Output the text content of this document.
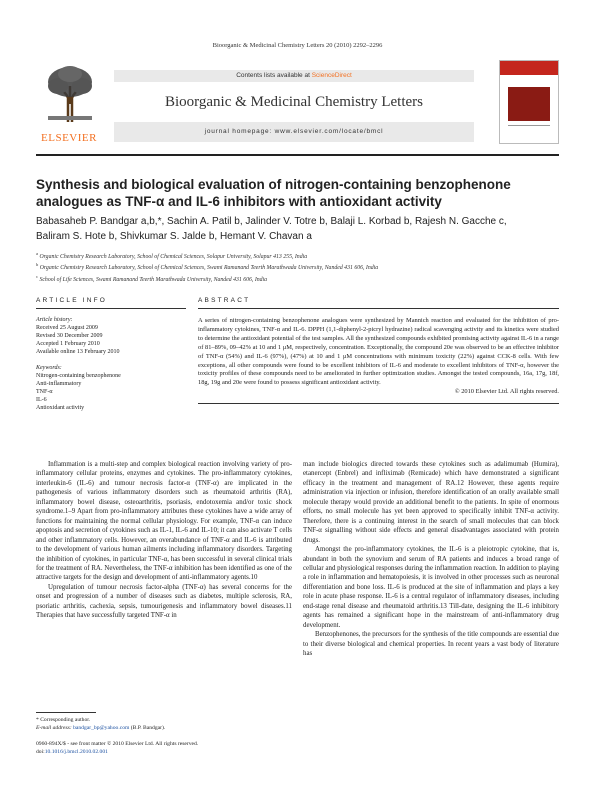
Bioorganic & Medicinal Chemistry Letters 20 (2010) 2292–2296
ELSEVIER
Contents lists available at ScienceDirect
Bioorganic & Medicinal Chemistry Letters
journal homepage: www.elsevier.com/locate/bmcl
Synthesis and biological evaluation of nitrogen-containing benzophenone analogues as TNF-α and IL-6 inhibitors with antioxidant activity
Babasaheb P. Bandgar a,b,*, Sachin A. Patil b, Jalinder V. Totre b, Balaji L. Korbad b, Rajesh N. Gacche c,
Baliram S. Hote b, Shivkumar S. Jalde b, Hemant V. Chavan a
$^a$ Organic Chemistry Research Laboratory, School of Chemical Sciences, Solapur University, Solapur 413 255, India
$^b$ Organic Chemistry Research Laboratory, School of Chemical Sciences, Swami Ramanand Teerth Marathwada University, Nanded 431 606, India
$^c$ School of Life Sciences, Swami Ramanand Teerth Marathwada University, Nanded 431 606, India
ARTICLE INFO
Article history:
Received 25 August 2009
Revised 30 December 2009
Accepted 1 February 2010
Available online 13 February 2010
Keywords:
Nitrogen-containing benzophenone
Anti-inflammatory
TNF-α
IL-6
Antioxidant activity
ABSTRACT
A series of nitrogen-containing benzophenone analogues were synthesized by Mannich reaction and evaluated for the inhibition of pro-inflammatory cytokines, TNF-α and IL-6. DPPH (1,1-diphenyl-2-picryl hydrazine) radical scavenging activity and its kinetics were studied to determine the antioxidant potential of the test samples. All the synthesized compounds exhibited promising activity against IL-6 in a range of 81–89%, 09–42% at 10 and 1 μM, respectively, concentration. Exceptionally, the compound 20e was observed to be an effective inhibitor of TNF-α (54%) and IL-6 (97%), (47%) at 10 and 1 μM concentrations with minimum toxicity (22%) against CCK-8 cells. With few exceptions, all other compounds were found to be excellent inhibitors of IL-6 and moderate to excellent inhibitors of TNF-α, however the toxicity profiles of these compounds need to be ameliorated in further optimization studies. Amongst the tested compounds, 16a, 17g, 18f, 18g, 19g and 20e were found to possess significant antioxidant activity.
© 2010 Elsevier Ltd. All rights reserved.

Inflammation is a multi-step and complex biological reaction involving variety of pro-inflammatory cellular proteins, enzymes and cytokines. The pro-inflammatory cytokines, interleukin-6 (IL-6) and tumour necrosis factor-α (TNF-α) are implicated in the pathogenesis of various inflammatory disorders such as rheumatoid arthritis (RA), inflammatory bowel disease, osteoarthritis, psoriasis, endotoxemia and/or toxic shock syndrome.1–9 Apart from pro-inflammatory attributes these cytokines have a wide array of functions for maintaining the normal cellular physiology. For example, TNF-α can induce apoptosis and secretion of cytokines such as IL-1, IL-6 and IL-10; it can also activate T cells and other inflammatory cells. However, an overabundance of TNF-α and IL-6 is attributed to the development of various human ailments including inflammatory disorders. Targeting the inhibition of cytokines, in particular TNF-α, has been successful in several clinical trials for the treatment of RA. Nevertheless, the TNF-α inhibition has been identified as one of the attractive targets for the design and development of anti-inflammatory agents.10

Upregulation of tumour necrosis factor-alpha (TNF-α) has several concerns for the onset and progression of a number of diseases such as diabetes, multiple sclerosis, RA, psoriatic arthritis, cachexia, sepsis, tumourigenesis and inflammatory bowel diseases.11 Therapies that have successfully targeted TNF-α in

man include biologics directed towards these cytokines such as adalimumab (Humira), etanercept (Enbrel) and infliximab (Remicade) which have demonstrated a significant efficacy in the treatment and management of RA.12 However, these agents require administration via injection or infusion, therefore identification of an orally available small molecule therapy would provide an additional benefit to the patients. In spite of enormous efforts, no small molecule has yet been approved to specifically inhibit TNF-α activity. Therefore, there is a continuing interest in the search of small molecules that can block TNF-α signalling without side effects and general disadvantages associated with protein drugs.

Amongst the pro-inflammatory cytokines, the IL-6 is a pleiotropic cytokine, that is, abundant in both the synovium and serum of RA patients and induces a broad range of cellular and physiological responses during the inflammation reaction. In addition to playing a role in inflammation and hematopoiesis, it is involved in other processes such as neuronal differentiation and bone loss. IL-6 is produced at the site of inflammation and plays a key role in acute phase response. IL-6 is a central regulator of inflammatory diseases, including end-stage renal disease and rheumatoid arthritis.13 Till-date, designing the IL-6 inhibitory agents has remained a significant hope in the mainstream of anti-inflammatory drug development.

Benzophenones, the precursors for the synthesis of the title compounds are essential due to their diverse biological and chemical properties. In recent years a vast body of literature has

* Corresponding author.
E-mail address: bandgar_bp@yahoo.com (B.P. Bandgar).
0960-894X/$ - see front matter © 2010 Elsevier Ltd. All rights reserved.
doi:10.1016/j.bmcl.2010.02.001
